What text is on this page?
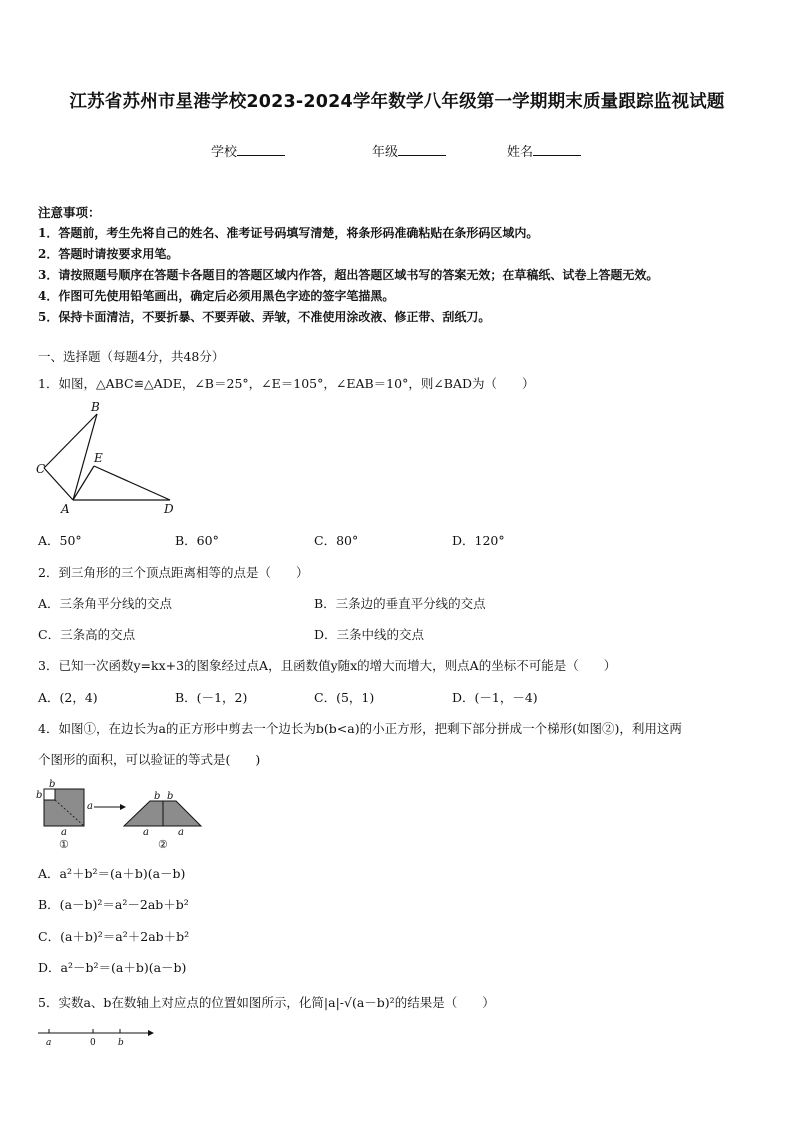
江苏省苏州市星港学校2023-2024学年数学八年级第一学期期末质量跟踪监视试题
学校	年级	姓名
注意事项：
1．答题前，考生先将自己的姓名、准考证号码填写清楚，将条形码准确粘贴在条形码区域内。
2．答题时请按要求用笔。
3．请按照题号顺序在答题卡各题目的答题区域内作答，超出答题区域书写的答案无效；在草稿纸、试卷上答题无效。
4．作图可先使用铅笔画出，确定后必须用黑色字迹的签字笔描黑。
5．保持卡面清洁，不要折暴、不要弄破、弄皱，不准使用涂改液、修正带、刮纸刀。
一、选择题（每题4分，共48分）
1．如图，△ABC≌△ADE，∠B＝25°，∠E＝105°，∠EAB＝10°，则∠BAD为（　　）
B
C
E
A	D
A．50°	B．60°	C．80°	D．120°
2．到三角形的三个顶点距离相等的点是（　　）
A．三条角平分线的交点	B．三条边的垂直平分线的交点
C．三条高的交点	D．三条中线的交点
3．已知一次函数y=kx+3的图象经过点A，且函数值y随x的增大而增大，则点A的坐标不可能是（　　）
A．(2，4)	B．(－1，2)	C．(5，1)	D．(－1，－4)
4．如图①，在边长为a的正方形中剪去一个边长为b(b<a)的小正方形，把剩下部分拼成一个梯形(如图②)，利用这两
个图形的面积，可以验证的等式是(　　)
b
b
a
a
b b
a	a
①	②
A．a²＋b²＝(a＋b)(a－b)
B．(a－b)²＝a²－2ab＋b²
C．(a＋b)²＝a²＋2ab＋b²
D．a²－b²＝(a＋b)(a－b)
5．实数a、b在数轴上对应点的位置如图所示，化简|a|-√(a－b)²的结果是（　　）
a	0 b
